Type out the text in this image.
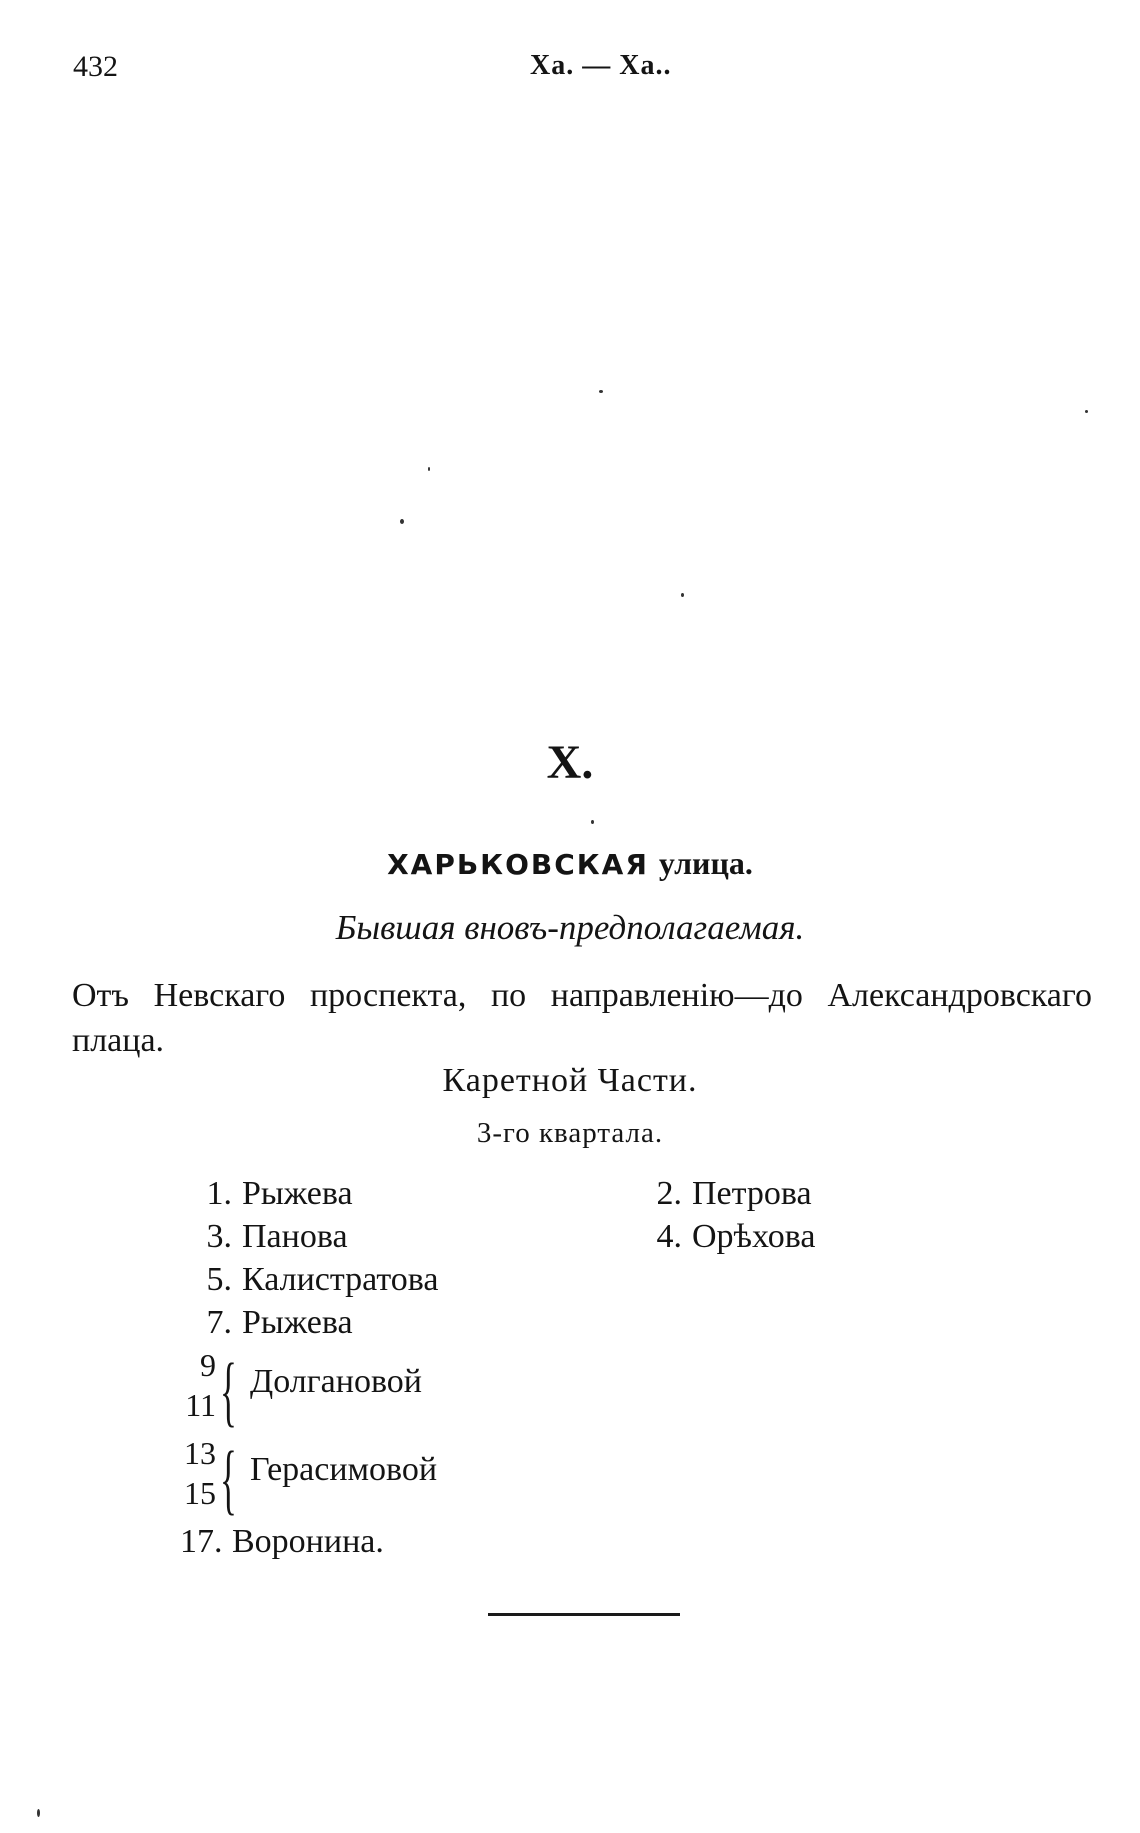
432	Ха. — Ха..
Х.
ХАРЬКОВСКАЯ улица.
Бывшая вновъ-предполагаемая.
Отъ Невскаго проспекта, по направленію—до Александровскаго плаца.
Каретной Части.
3-го квартала.
1. Рыжева
3. Панова
5. Калистратова
7. Рыжева
2. Петрова
4. Орѣхова
9
11 { Долгановой
13
15 { Герасимовой
17. Воронина.
